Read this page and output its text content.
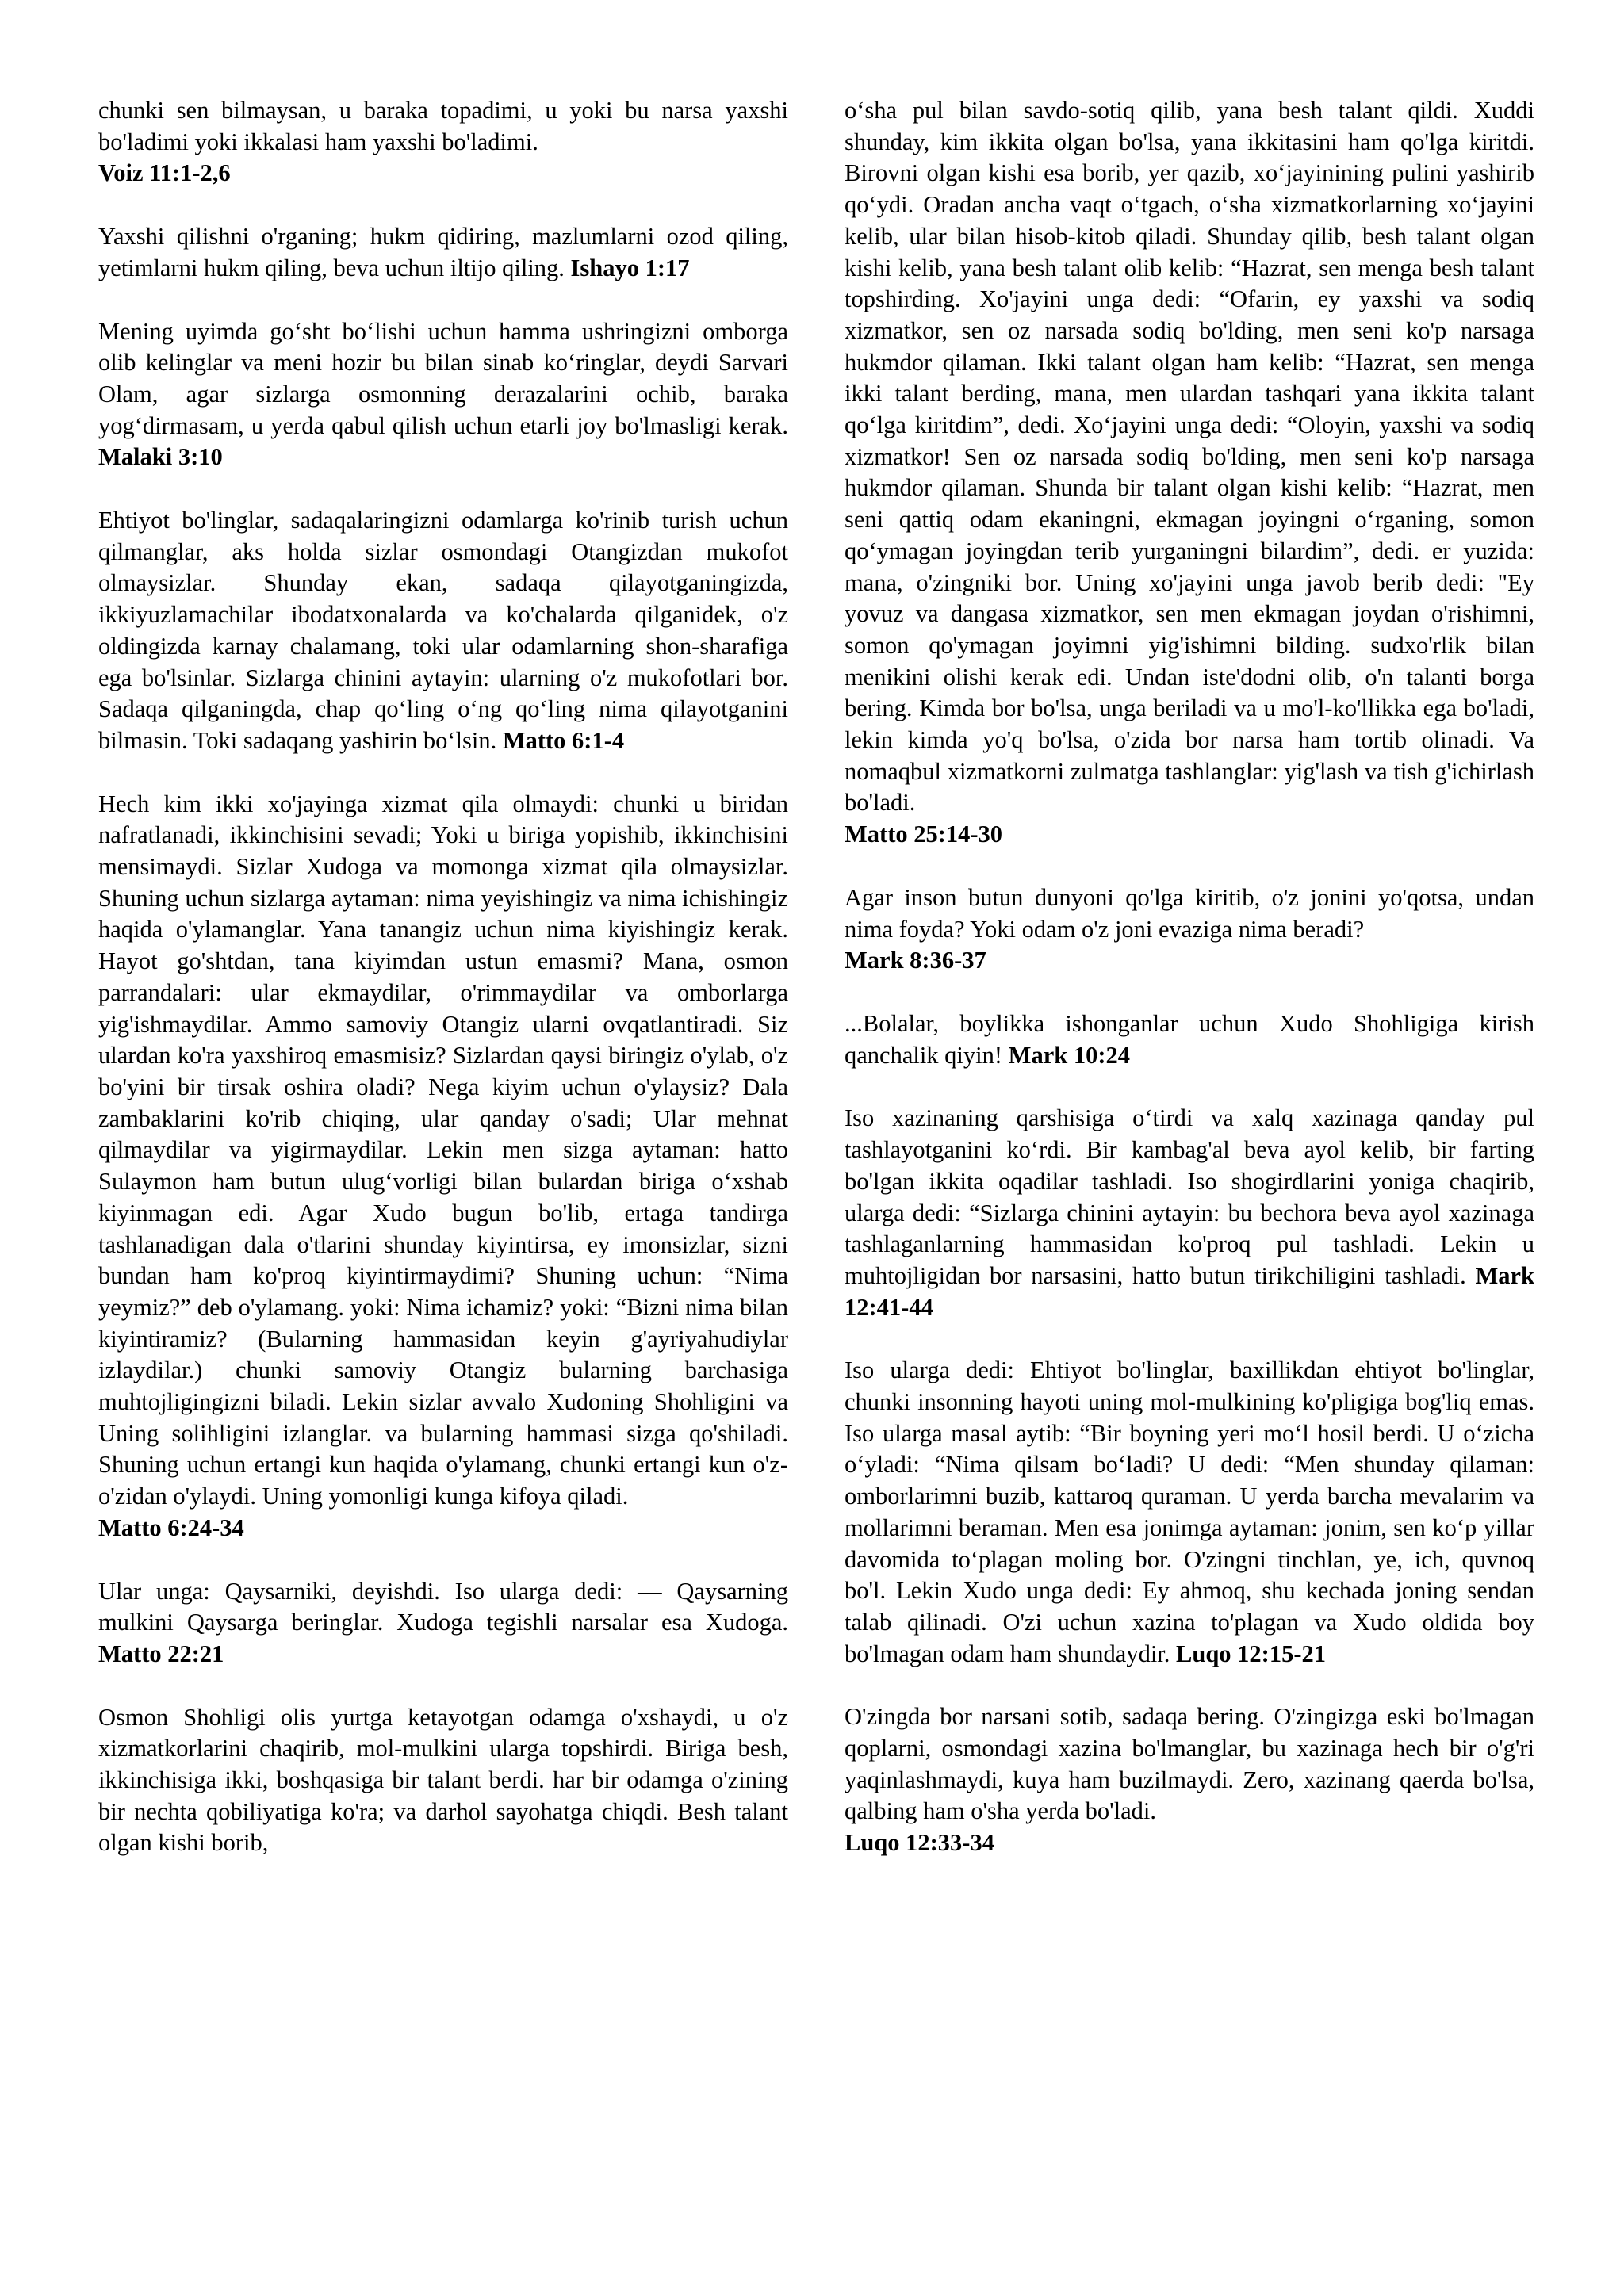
chunki sen bilmaysan, u baraka topadimi, u yoki bu narsa yaxshi bo'ladimi yoki ikkalasi ham yaxshi bo'ladimi.
Voiz 11:1-2,6

Yaxshi qilishni o'rganing; hukm qidiring, mazlumlarni ozod qiling, yetimlarni hukm qiling, beva uchun iltijo qiling. Ishayo 1:17

Mening uyimda go‘sht bo‘lishi uchun hamma ushringizni omborga olib kelinglar va meni hozir bu bilan sinab ko‘ringlar, deydi Sarvari Olam, agar sizlarga osmonning derazalarini ochib, baraka yog‘dirmasam, u yerda qabul qilish uchun etarli joy bo'lmasligi kerak. Malaki 3:10

Ehtiyot bo'linglar, sadaqalaringizni odamlarga ko'rinib turish uchun qilmanglar, aks holda sizlar osmondagi Otangizdan mukofot olmaysizlar. Shunday ekan, sadaqa qilayotganingizda, ikkiyuzlamachilar ibodatxonalarda va ko'chalarda qilganidek, o'z oldingizda karnay chalamang, toki ular odamlarning shon-sharafiga ega bo'lsinlar. Sizlarga chinini aytayin: ularning o'z mukofotlari bor. Sadaqa qilganingda, chap qo‘ling o‘ng qo‘ling nima qilayotganini bilmasin. Toki sadaqang yashirin bo‘lsin. Matto 6:1-4

Hech kim ikki xo'jayinga xizmat qila olmaydi: chunki u biridan nafratlanadi, ikkinchisini sevadi; Yoki u biriga yopishib, ikkinchisini mensimaydi. Sizlar Xudoga va momonga xizmat qila olmaysizlar. Shuning uchun sizlarga aytaman: nima yeyishingiz va nima ichishingiz haqida o'ylamanglar. Yana tanangiz uchun nima kiyishingiz kerak. Hayot go'shtdan, tana kiyimdan ustun emasmi? Mana, osmon parrandalari: ular ekmaydilar, o'rimmaydilar va omborlarga yig'ishmaydilar. Ammo samoviy Otangiz ularni ovqatlantiradi. Siz ulardan ko'ra yaxshiroq emasmisiz? Sizlardan qaysi biringiz o'ylab, o'z bo'yini bir tirsak oshira oladi? Nega kiyim uchun o'ylaysiz? Dala zambaklarini ko'rib chiqing, ular qanday o'sadi; Ular mehnat qilmaydilar va yigirmaydilar. Lekin men sizga aytaman: hatto Sulaymon ham butun ulug‘vorligi bilan bulardan biriga o‘xshab kiyinmagan edi. Agar Xudo bugun bo'lib, ertaga tandirga tashlanadigan dala o'tlarini shunday kiyintirsa, ey imonsizlar, sizni bundan ham ko'proq kiyintirmaydimi? Shuning uchun: “Nima yeymiz?” deb o'ylamang. yoki: Nima ichamiz? yoki: “Bizni nima bilan kiyintiramiz? (Bularning hammasidan keyin g'ayriyahudiylar izlaydilar.) chunki samoviy Otangiz bularning barchasiga muhtojligingizni biladi. Lekin sizlar avvalo Xudoning Shohligini va Uning solihligini izlanglar. va bularning hammasi sizga qo'shiladi. Shuning uchun ertangi kun haqida o'ylamang, chunki ertangi kun o'z-o'zidan o'ylaydi. Uning yomonligi kunga kifoya qiladi.
Matto 6:24-34

Ular unga: Qaysarniki, deyishdi. Iso ularga dedi: — Qaysarning mulkini Qaysarga beringlar. Xudoga tegishli narsalar esa Xudoga. Matto 22:21

Osmon Shohligi olis yurtga ketayotgan odamga o'xshaydi, u o'z xizmatkorlarini chaqirib, mol-mulkini ularga topshirdi. Biriga besh, ikkinchisiga ikki, boshqasiga bir talant berdi. har bir odamga o'zining bir nechta qobiliyatiga ko'ra; va darhol sayohatga chiqdi. Besh talant olgan kishi borib,

o‘sha pul bilan savdo-sotiq qilib, yana besh talant qildi. Xuddi shunday, kim ikkita olgan bo'lsa, yana ikkitasini ham qo'lga kiritdi. Birovni olgan kishi esa borib, yer qazib, xo‘jayinining pulini yashirib qo‘ydi. Oradan ancha vaqt o‘tgach, o‘sha xizmatkorlarning xo‘jayini kelib, ular bilan hisob-kitob qiladi. Shunday qilib, besh talant olgan kishi kelib, yana besh talant olib kelib: “Hazrat, sen menga besh talant topshirding. Xo'jayini unga dedi: “Ofarin, ey yaxshi va sodiq xizmatkor, sen oz narsada sodiq bo'lding, men seni ko'p narsaga hukmdor qilaman. Ikki talant olgan ham kelib: “Hazrat, sen menga ikki talant berding, mana, men ulardan tashqari yana ikkita talant qo‘lga kiritdim”, dedi. Xo‘jayini unga dedi: “Oloyin, yaxshi va sodiq xizmatkor! Sen oz narsada sodiq bo'lding, men seni ko'p narsaga hukmdor qilaman. Shunda bir talant olgan kishi kelib: “Hazrat, men seni qattiq odam ekaningni, ekmagan joyingni o‘rganing, somon qo‘ymagan joyingdan terib yurganingni bilardim”, dedi. er yuzida: mana, o'zingniki bor. Uning xo'jayini unga javob berib dedi: "Ey yovuz va dangasa xizmatkor, sen men ekmagan joydan o'rishimni, somon qo'ymagan joyimni yig'ishimni bilding. sudxo'rlik bilan menikini olishi kerak edi. Undan iste'dodni olib, o'n talanti borga bering. Kimda bor bo'lsa, unga beriladi va u mo'l-ko'llikka ega bo'ladi, lekin kimda yo'q bo'lsa, o'zida bor narsa ham tortib olinadi. Va nomaqbul xizmatkorni zulmatga tashlanglar: yig'lash va tish g'ichirlash bo'ladi.
Matto 25:14-30

Agar inson butun dunyoni qo'lga kiritib, o'z jonini yo'qotsa, undan nima foyda? Yoki odam o'z joni evaziga nima beradi?
Mark 8:36-37

...Bolalar, boylikka ishonganlar uchun Xudo Shohligiga kirish qanchalik qiyin! Mark 10:24

Iso xazinaning qarshisiga o‘tirdi va xalq xazinaga qanday pul tashlayotganini ko‘rdi. Bir kambag'al beva ayol kelib, bir farting bo'lgan ikkita oqadilar tashladi. Iso shogirdlarini yoniga chaqirib, ularga dedi: “Sizlarga chinini aytayin: bu bechora beva ayol xazinaga tashlaganlarning hammasidan ko'proq pul tashladi. Lekin u muhtojligidan bor narsasini, hatto butun tirikchiligini tashladi. Mark 12:41-44

Iso ularga dedi: Ehtiyot bo'linglar, baxillikdan ehtiyot bo'linglar, chunki insonning hayoti uning mol-mulkining ko'pligiga bog'liq emas. Iso ularga masal aytib: “Bir boyning yeri mo‘l hosil berdi. U o‘zicha o‘yladi: “Nima qilsam bo‘ladi? U dedi: “Men shunday qilaman: omborlarimni buzib, kattaroq quraman. U yerda barcha mevalarim va mollarimni beraman. Men esa jonimga aytaman: jonim, sen ko‘p yillar davomida to‘plagan moling bor. O'zingni tinchlan, ye, ich, quvnoq bo'l. Lekin Xudo unga dedi: Ey ahmoq, shu kechada joning sendan talab qilinadi. O'zi uchun xazina to'plagan va Xudo oldida boy bo'lmagan odam ham shundaydir. Luqo 12:15-21

O'zingda bor narsani sotib, sadaqa bering. O'zingizga eski bo'lmagan qoplarni, osmondagi xazina bo'lmanglar, bu xazinaga hech bir o'g'ri yaqinlashmaydi, kuya ham buzilmaydi. Zero, xazinang qaerda bo'lsa, qalbing ham o'sha yerda bo'ladi.
Luqo 12:33-34
